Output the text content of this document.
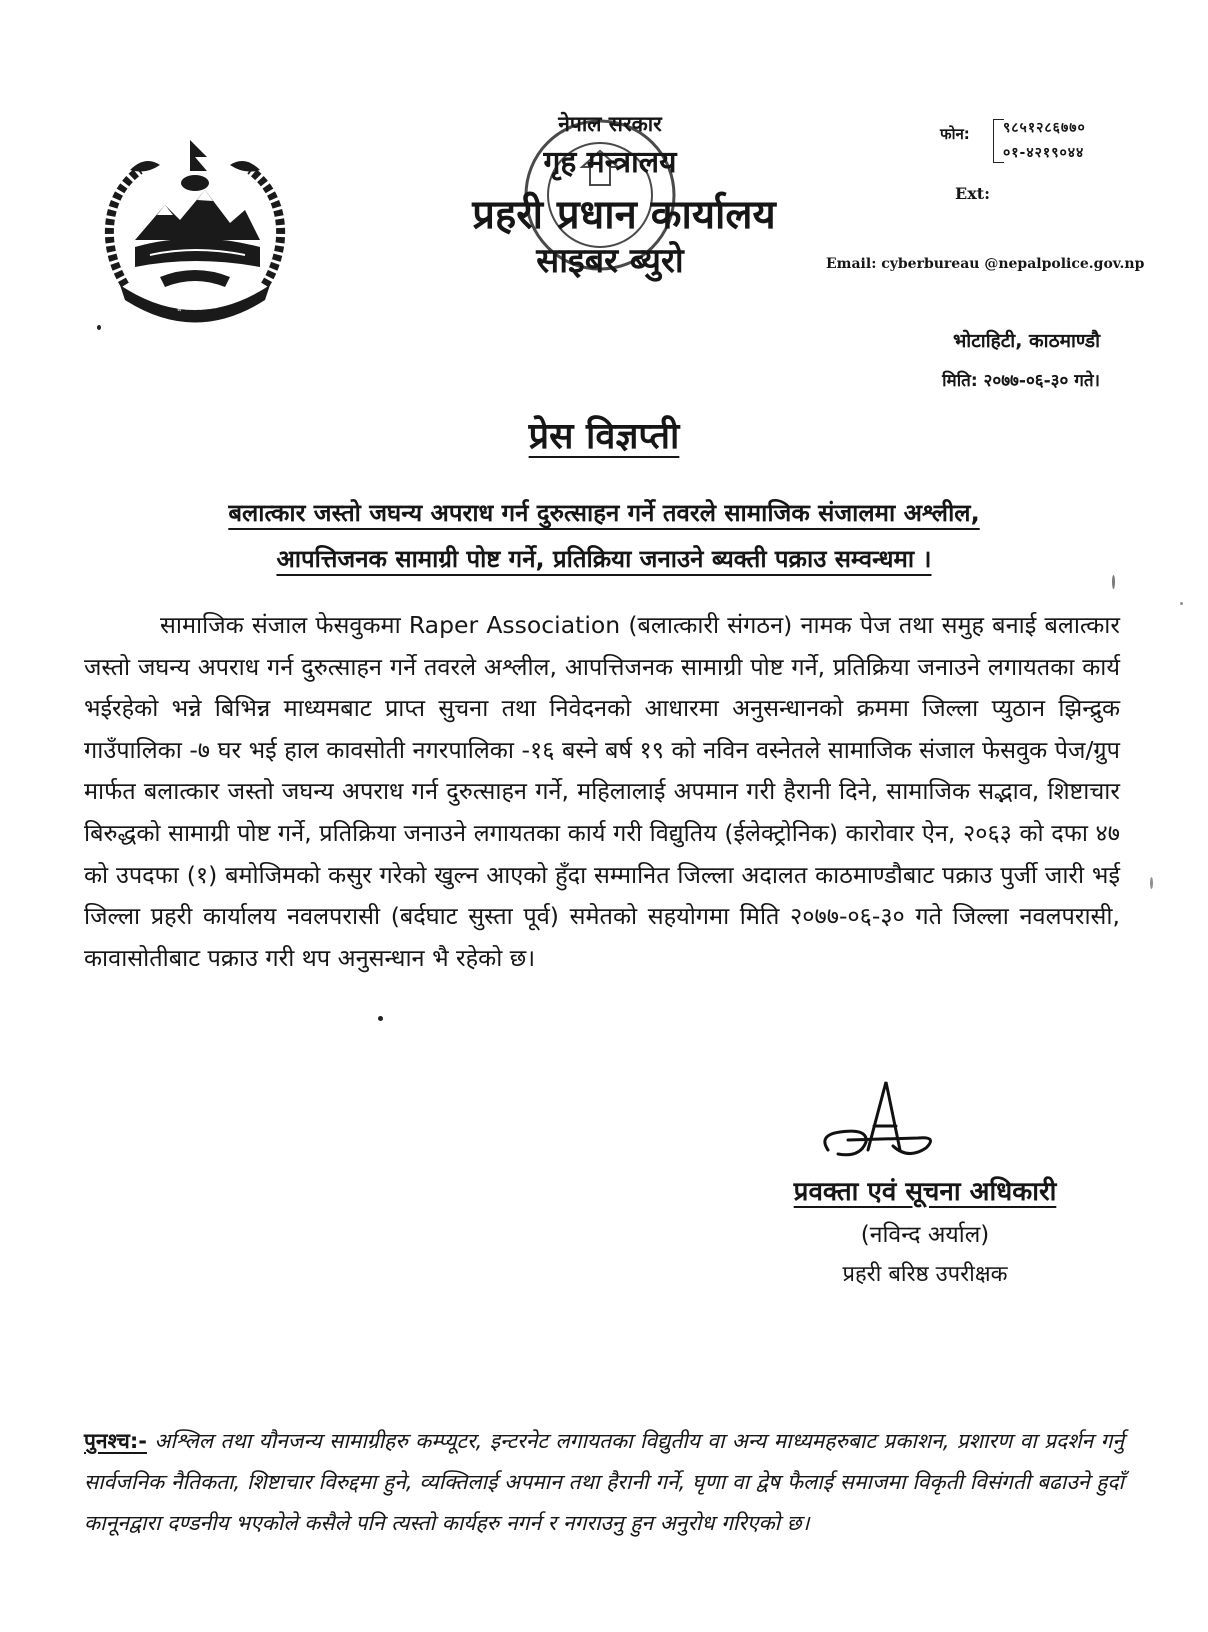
जननी जन्मभूमिश्च स्वर्गादपि गरीयसी
नेपाल सरकार
गृह मन्त्रालय
प्रहरी प्रधान कार्यालय
साइबर ब्युरो
फोन: ९८५१२८६७७०
०१-४२१९०४४
Ext:
Email: cyberbureau @nepalpolice.gov.np
भोटाहिटी, काठमाण्डौ
मिति: २०७७-०६-३० गते।
प्रेस विज्ञप्ती
बलात्कार जस्तो जघन्य अपराध गर्न दुरुत्साहन गर्ने तवरले सामाजिक संजालमा अश्लील,
आपत्तिजनक सामाग्री पोष्ट गर्ने, प्रतिक्रिया जनाउने ब्यक्ती पक्राउ सम्वन्धमा ।

सामाजिक संजाल फेसवुकमा Raper Association (बलात्कारी संगठन) नामक पेज तथा समुह बनाई बलात्कार जस्तो जघन्य अपराध गर्न दुरुत्साहन गर्ने तवरले अश्लील, आपत्तिजनक सामाग्री पोष्ट गर्ने, प्रतिक्रिया जनाउने लगायतका कार्य भईरहेको भन्ने बिभिन्न माध्यमबाट प्राप्त सुचना तथा निवेदनको आधारमा अनुसन्धानको क्रममा जिल्ला प्युठान झिन्द्रुक गाउँपालिका -७ घर भई हाल कावसोती नगरपालिका -१६ बस्ने बर्ष १९ को नविन वस्नेतले सामाजिक संजाल फेसवुक पेज/ग्रुप मार्फत बलात्कार जस्तो जघन्य अपराध गर्न दुरुत्साहन गर्ने, महिलालाई अपमान गरी हैरानी दिने, सामाजिक सद्भाव, शिष्टाचार बिरुद्धको सामाग्री पोष्ट गर्ने, प्रतिक्रिया जनाउने लगायतका कार्य गरी विद्युतिय (ईलेक्ट्रोनिक) कारोवार ऐन, २०६३ को दफा ४७ को उपदफा (१) बमोजिमको कसुर गरेको खुल्न आएको हुँदा सम्मानित जिल्ला अदालत काठमाण्डौबाट पक्राउ पुर्जी जारी भई जिल्ला प्रहरी कार्यालय नवलपरासी (बर्दघाट सुस्ता पूर्व) समेतको सहयोगमा मिति २०७७-०६-३० गते जिल्ला नवलपरासी, कावासोतीबाट पक्राउ गरी थप अनुसन्धान भै रहेको छ।

प्रवक्ता एवं सूचना अधिकारी
(नविन्द अर्याल)
प्रहरी बरिष्ठ उपरीक्षक
पुनश्च:- अश्लिल तथा यौनजन्य सामाग्रीहरु कम्प्यूटर, इन्टरनेट लगायतका विद्युतीय वा अन्य माध्यमहरुबाट प्रकाशन, प्रशारण वा प्रदर्शन गर्नु सार्वजनिक नैतिकता, शिष्टाचार विरुद्दमा हुने, व्यक्तिलाई अपमान तथा हैरानी गर्ने, घृणा वा द्वेष फैलाई समाजमा विकृती विसंगती बढाउने हुदाँ कानूनद्वारा दण्डनीय भएकोले कसैले पनि त्यस्तो कार्यहरु नगर्न र नगराउनु हुन अनुरोध गरिएको छ।
